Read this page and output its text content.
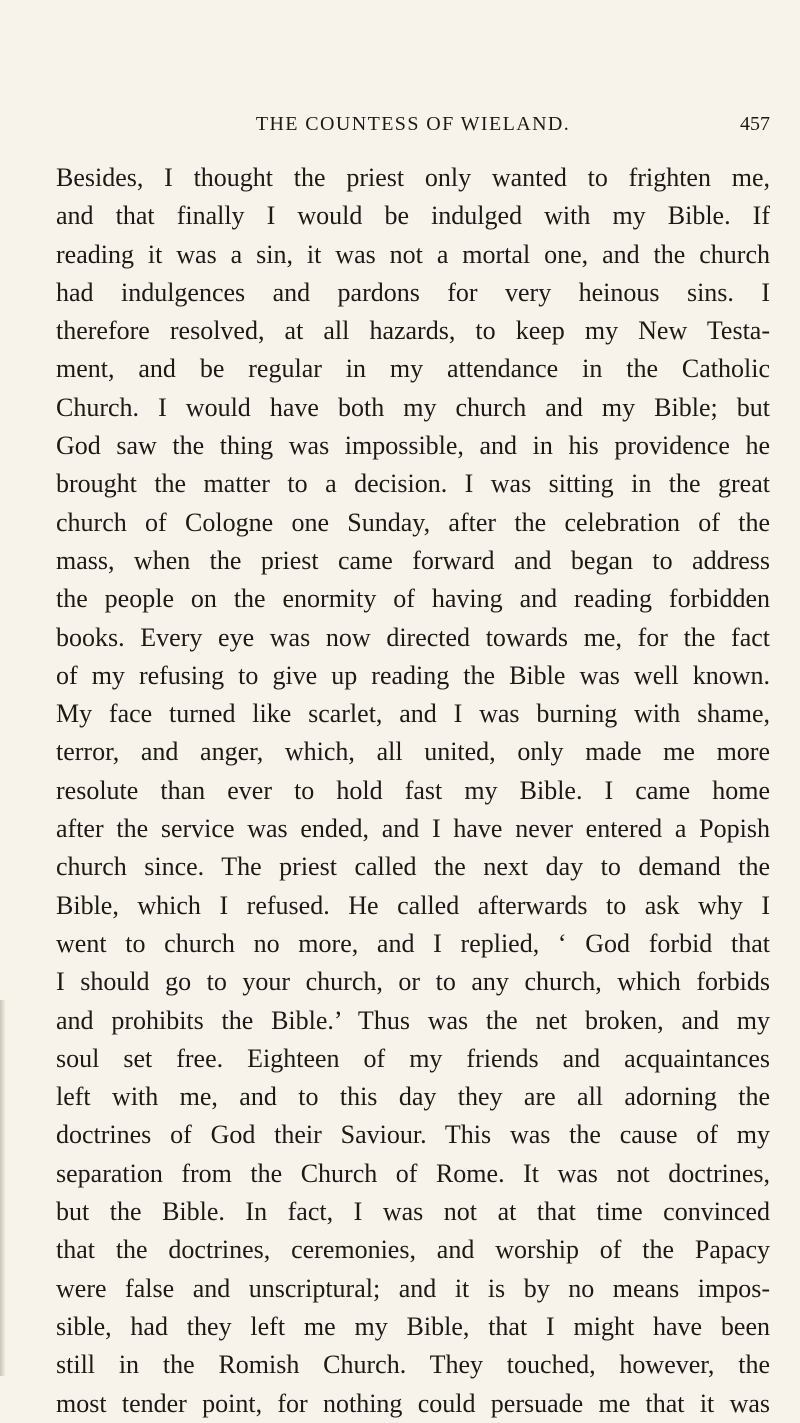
THE COUNTESS OF WIELAND.	457
Besides, I thought the priest only wanted to frighten me,
and that finally I would be indulged with my Bible. If
reading it was a sin, it was not a mortal one, and the church
had indulgences and pardons for very heinous sins. I
therefore resolved, at all hazards, to keep my New Testa-
ment, and be regular in my attendance in the Catholic
Church. I would have both my church and my Bible; but
God saw the thing was impossible, and in his providence he
brought the matter to a decision. I was sitting in the great
church of Cologne one Sunday, after the celebration of the
mass, when the priest came forward and began to address
the people on the enormity of having and reading forbidden
books. Every eye was now directed towards me, for the fact
of my refusing to give up reading the Bible was well known.
My face turned like scarlet, and I was burning with shame,
terror, and anger, which, all united, only made me more
resolute than ever to hold fast my Bible. I came home
after the service was ended, and I have never entered a Popish
church since. The priest called the next day to demand the
Bible, which I refused. He called afterwards to ask why I
went to church no more, and I replied, ‘ God forbid that
I should go to your church, or to any church, which forbids
and prohibits the Bible.’ Thus was the net broken, and my
soul set free. Eighteen of my friends and acquaintances
left with me, and to this day they are all adorning the
doctrines of God their Saviour. This was the cause of my
separation from the Church of Rome. It was not doctrines,
but the Bible. In fact, I was not at that time convinced
that the doctrines, ceremonies, and worship of the Papacy
were false and unscriptural; and it is by no means impos-
sible, had they left me my Bible, that I might have been
still in the Romish Church. They touched, however, the
most tender point, for nothing could persuade me that it was
